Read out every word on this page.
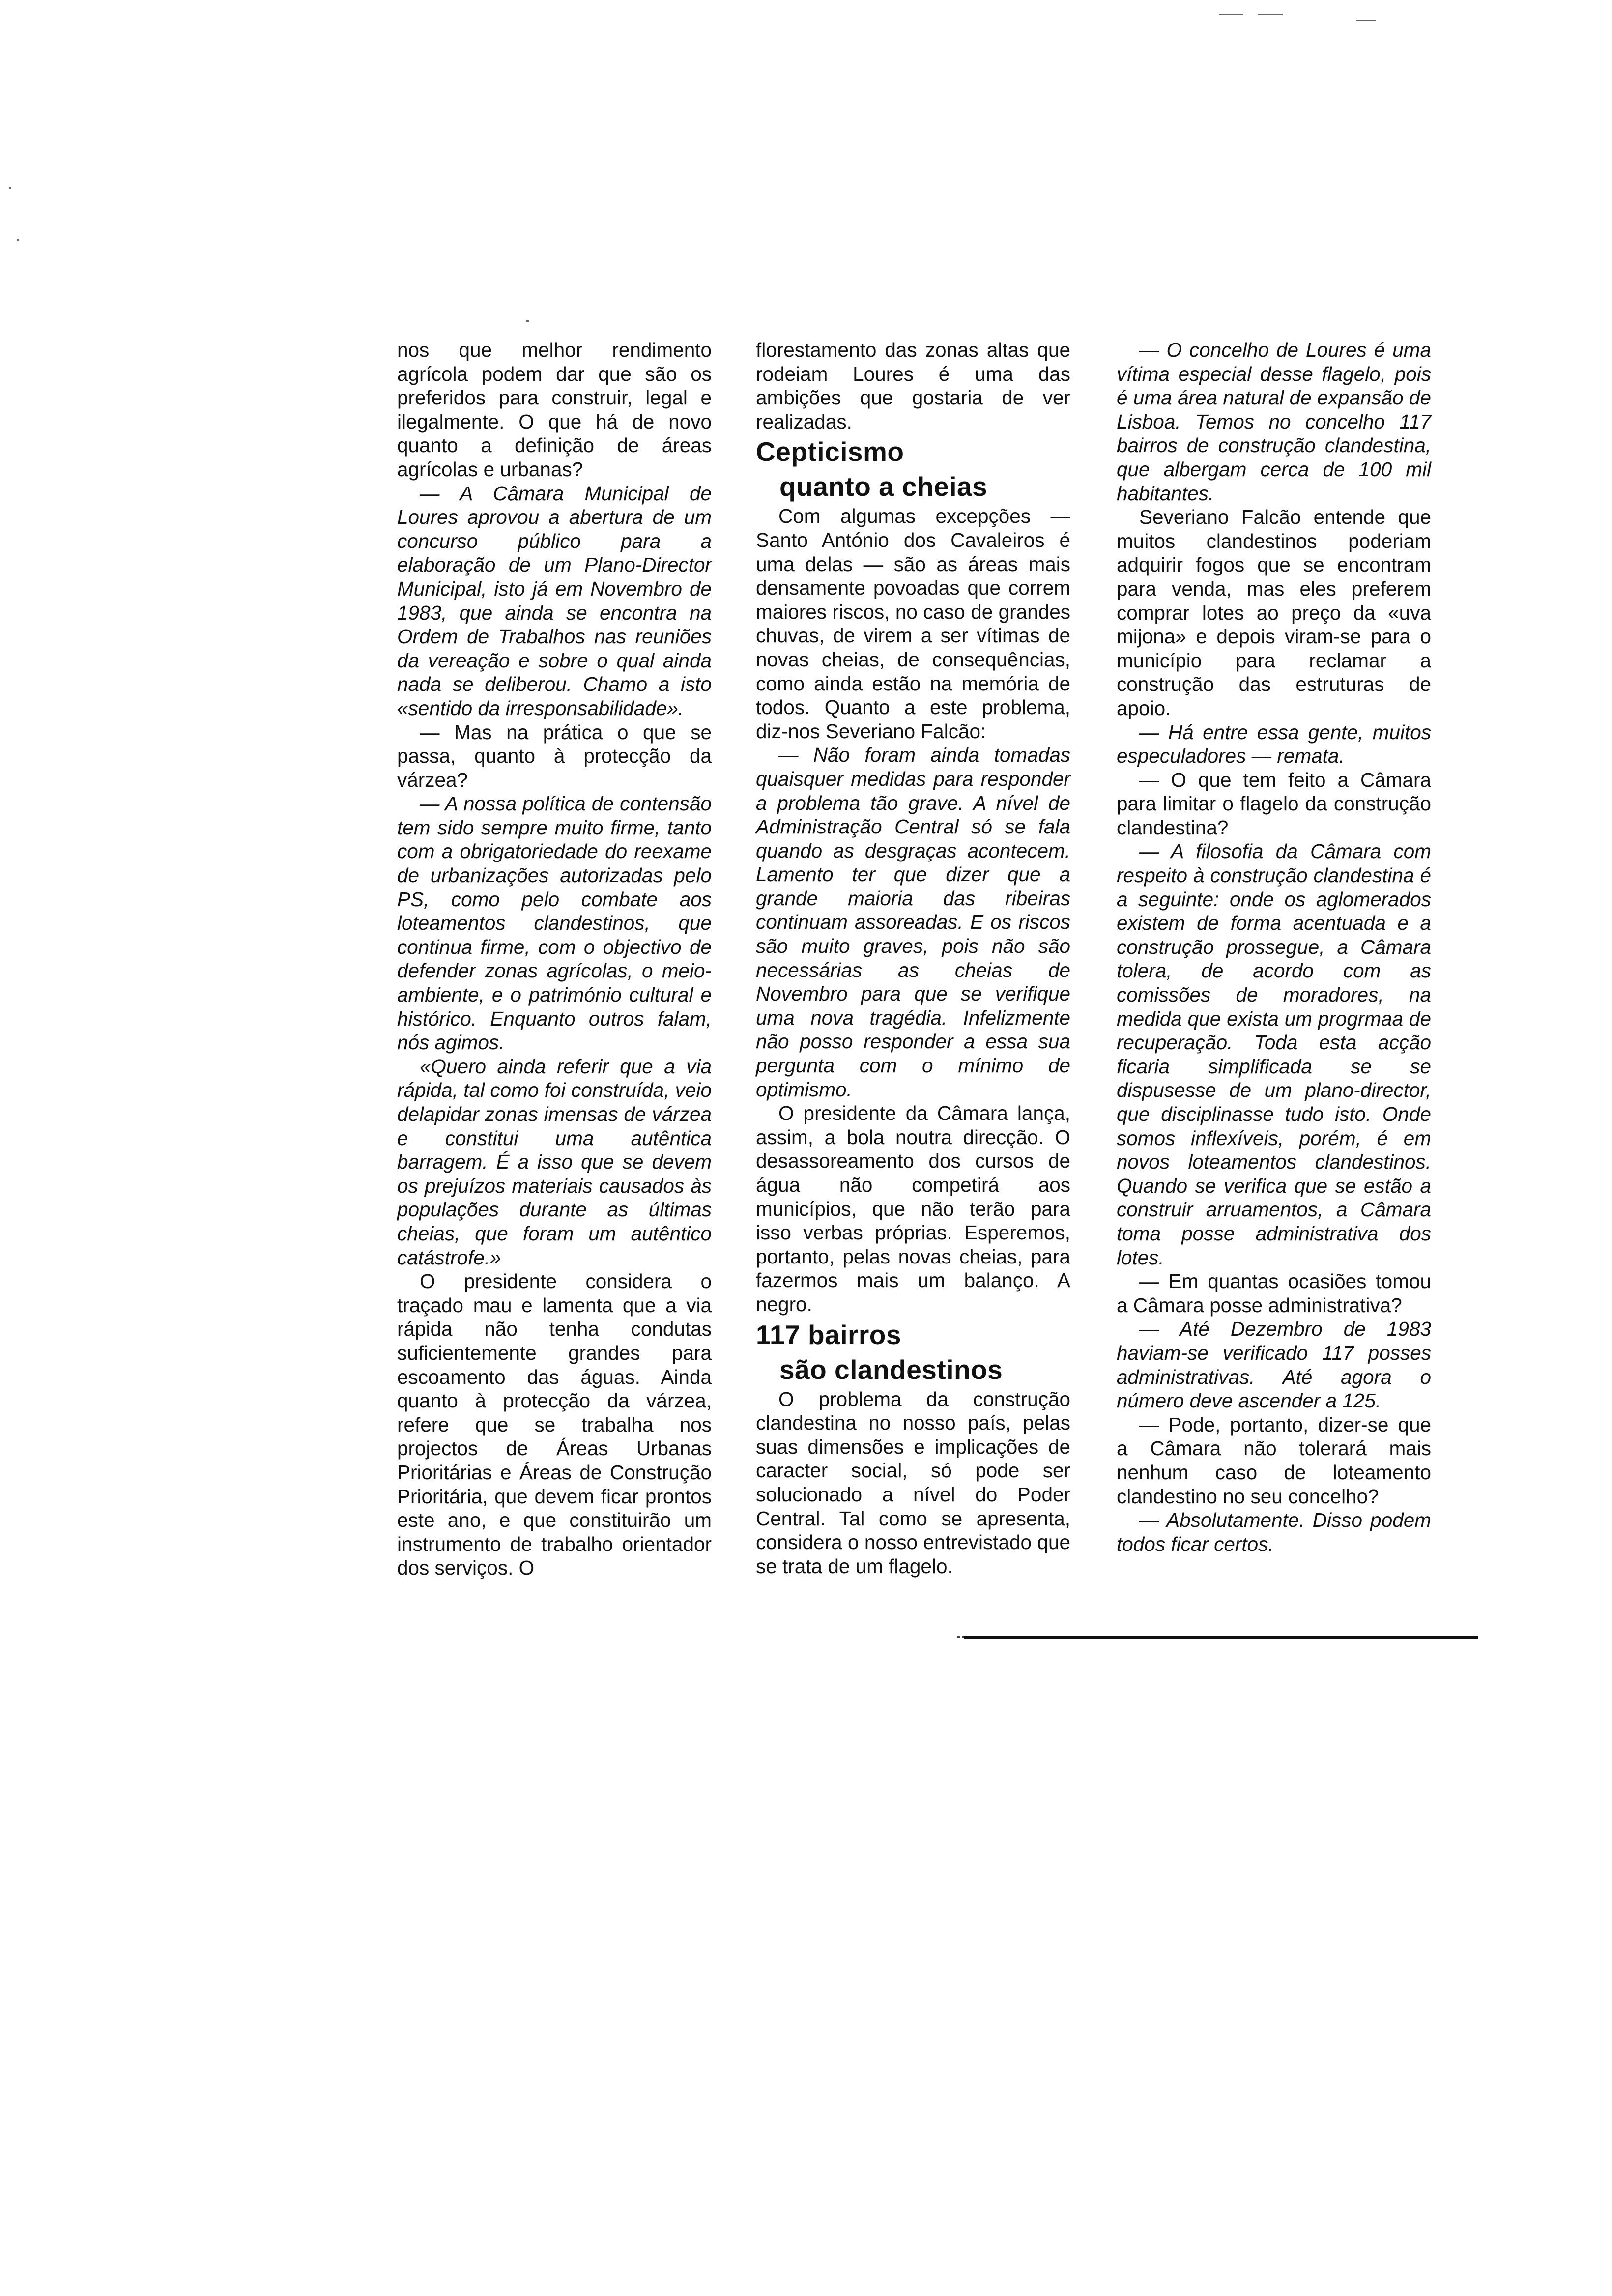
nos que melhor rendimento agrícola podem dar que são os preferidos para construir, legal e ilegalmente. O que há de novo quanto a definição de áreas agrícolas e urbanas?

— A Câmara Municipal de Loures aprovou a abertura de um concurso público para a elaboração de um Plano-Director Municipal, isto já em Novembro de 1983, que ainda se encontra na Ordem de Trabalhos nas reuniões da vereação e sobre o qual ainda nada se deliberou. Chamo a isto «sentido da irresponsabilidade».

— Mas na prática o que se passa, quanto à protecção da várzea?

— A nossa política de contensão tem sido sempre muito firme, tanto com a obrigatoriedade do reexame de urbanizações autorizadas pelo PS, como pelo combate aos loteamentos clandestinos, que continua firme, com o objectivo de defender zonas agrícolas, o meio-ambiente, e o património cultural e histórico. Enquanto outros falam, nós agimos.

«Quero ainda referir que a via rápida, tal como foi construída, veio delapidar zonas imensas de várzea e constitui uma autêntica barragem. É a isso que se devem os prejuízos materiais causados às populações durante as últimas cheias, que foram um autêntico catástrofe.»

O presidente considera o traçado mau e lamenta que a via rápida não tenha condutas suficientemente grandes para escoamento das águas. Ainda quanto à protecção da várzea, refere que se trabalha nos projectos de Áreas Urbanas Prioritárias e Áreas de Construção Prioritária, que devem ficar prontos este ano, e que constituirão um instrumento de trabalho orientador dos serviços. O

florestamento das zonas altas que rodeiam Loures é uma das ambições que gostaria de ver realizadas.

Cepticismo
quanto a cheias

Com algumas excepções — Santo António dos Cavaleiros é uma delas — são as áreas mais densamente povoadas que correm maiores riscos, no caso de grandes chuvas, de virem a ser vítimas de novas cheias, de consequências, como ainda estão na memória de todos. Quanto a este problema, diz-nos Severiano Falcão:

— Não foram ainda tomadas quaisquer medidas para responder a problema tão grave. A nível de Administração Central só se fala quando as desgraças acontecem. Lamento ter que dizer que a grande maioria das ribeiras continuam assoreadas. E os riscos são muito graves, pois não são necessárias as cheias de Novembro para que se verifique uma nova tragédia. Infelizmente não posso responder a essa sua pergunta com o mínimo de optimismo.

O presidente da Câmara lança, assim, a bola noutra direcção. O desassoreamento dos cursos de água não competirá aos municípios, que não terão para isso verbas próprias. Esperemos, portanto, pelas novas cheias, para fazermos mais um balanço. A negro.

117 bairros
são clandestinos

O problema da construção clandestina no nosso país, pelas suas dimensões e implicações de caracter social, só pode ser solucionado a nível do Poder Central. Tal como se apresenta, considera o nosso entrevistado que se trata de um flagelo.

— O concelho de Loures é uma vítima especial desse flagelo, pois é uma área natural de expansão de Lisboa. Temos no concelho 117 bairros de construção clandestina, que albergam cerca de 100 mil habitantes.

Severiano Falcão entende que muitos clandestinos poderiam adquirir fogos que se encontram para venda, mas eles preferem comprar lotes ao preço da «uva mijona» e depois viram-se para o município para reclamar a construção das estruturas de apoio.

— Há entre essa gente, muitos especuladores — remata.

— O que tem feito a Câmara para limitar o flagelo da construção clandestina?

— A filosofia da Câmara com respeito à construção clandestina é a seguinte: onde os aglomerados existem de forma acentuada e a construção prossegue, a Câmara tolera, de acordo com as comissões de moradores, na medida que exista um progrmaa de recuperação. Toda esta acção ficaria simplificada se se dispusesse de um plano-director, que disciplinasse tudo isto. Onde somos inflexíveis, porém, é em novos loteamentos clandestinos. Quando se verifica que se estão a construir arruamentos, a Câmara toma posse administrativa dos lotes.

— Em quantas ocasiões tomou a Câmara posse administrativa?

— Até Dezembro de 1983 haviam-se verificado 117 posses administrativas. Até agora o número deve ascender a 125.

— Pode, portanto, dizer-se que a Câmara não tolerará mais nenhum caso de loteamento clandestino no seu concelho?

— Absolutamente. Disso podem todos ficar certos.
